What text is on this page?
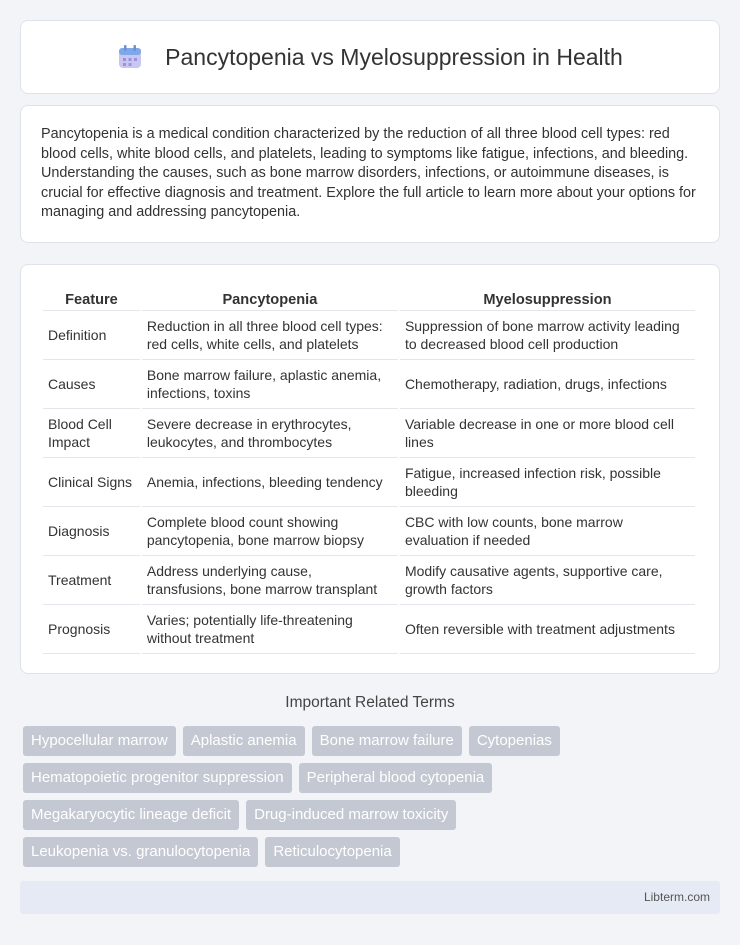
Pancytopenia vs Myelosuppression in Health

Pancytopenia is a medical condition characterized by the reduction of all three blood cell types: red blood cells, white blood cells, and platelets, leading to symptoms like fatigue, infections, and bleeding. Understanding the causes, such as bone marrow disorders, infections, or autoimmune diseases, is crucial for effective diagnosis and treatment. Explore the full article to learn more about your options for managing and addressing pancytopenia.

Feature	Pancytopenia	Myelosuppression
Definition	Reduction in all three blood cell types: red cells, white cells, and platelets	Suppression of bone marrow activity leading to decreased blood cell production
Causes	Bone marrow failure, aplastic anemia, infections, toxins	Chemotherapy, radiation, drugs, infections
Blood Cell Impact	Severe decrease in erythrocytes, leukocytes, and thrombocytes	Variable decrease in one or more blood cell lines
Clinical Signs	Anemia, infections, bleeding tendency	Fatigue, increased infection risk, possible bleeding
Diagnosis	Complete blood count showing pancytopenia, bone marrow biopsy	CBC with low counts, bone marrow evaluation if needed
Treatment	Address underlying cause, transfusions, bone marrow transplant	Modify causative agents, supportive care, growth factors
Prognosis	Varies; potentially life-threatening without treatment	Often reversible with treatment adjustments
Important Related Terms
Hypocellular marrow	Aplastic anemia	Bone marrow failure	Cytopenias
Hematopoietic progenitor suppression	Peripheral blood cytopenia
Megakaryocytic lineage deficit	Drug-induced marrow toxicity
Leukopenia vs. granulocytopenia	Reticulocytopenia
Libterm.com
